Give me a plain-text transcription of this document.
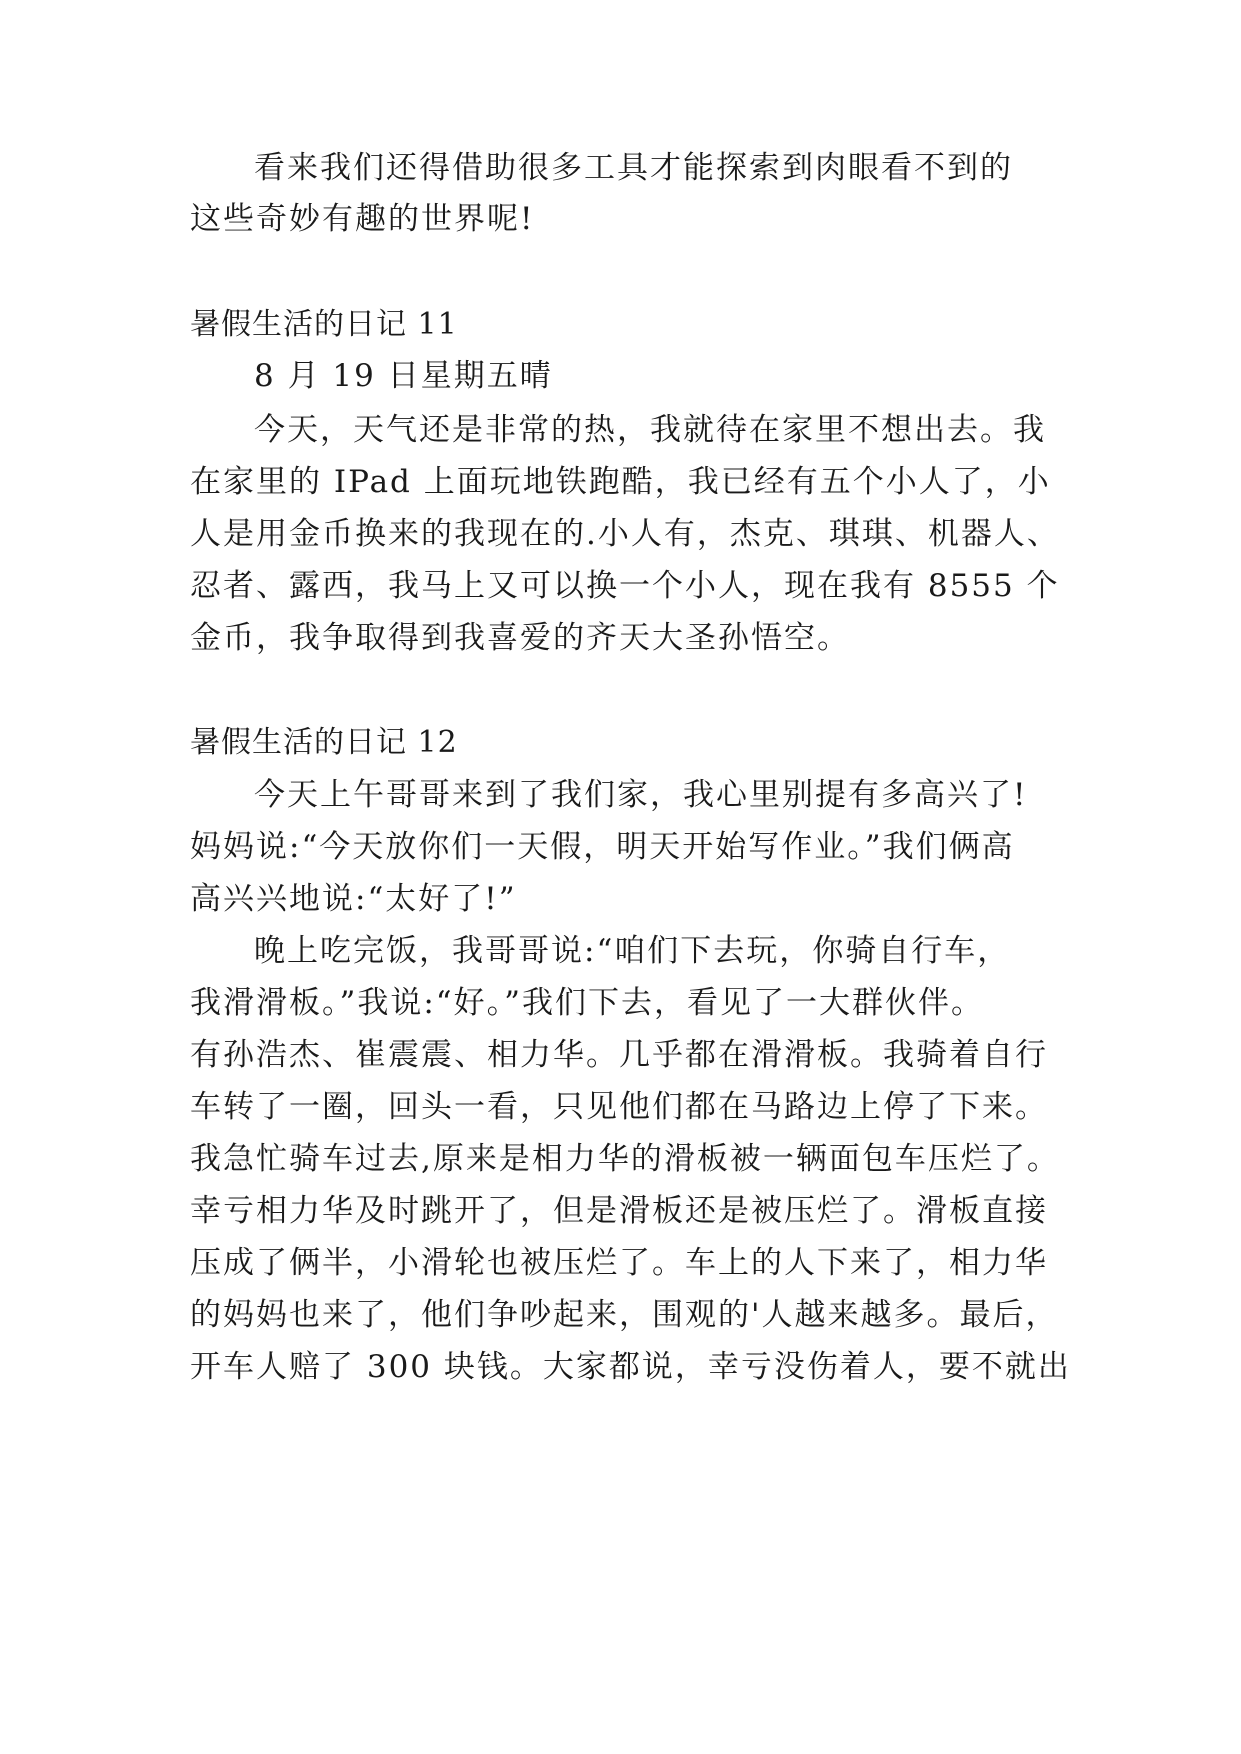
看来我们还得借助很多工具才能探索到肉眼看不到的
这些奇妙有趣的世界呢!
暑假生活的日记 11
8 月 19 日星期五晴
今天，天气还是非常的热，我就待在家里不想出去。我
在家里的 IPad 上面玩地铁跑酷，我已经有五个小人了，小
人是用金币换来的我现在的.小人有，杰克、琪琪、机器人、
忍者、露西，我马上又可以换一个小人，现在我有 8555 个
金币，我争取得到我喜爱的齐天大圣孙悟空。
暑假生活的日记 12
今天上午哥哥来到了我们家，我心里别提有多高兴了!
妈妈说:“今天放你们一天假，明天开始写作业。”我们俩高
高兴兴地说:“太好了!”
晚上吃完饭，我哥哥说:“咱们下去玩，你骑自行车，
我滑滑板。”我说:“好。”我们下去，看见了一大群伙伴。
有孙浩杰、崔震震、相力华。几乎都在滑滑板。我骑着自行
车转了一圈，回头一看，只见他们都在马路边上停了下来。
我急忙骑车过去,原来是相力华的滑板被一辆面包车压烂了。
幸亏相力华及时跳开了，但是滑板还是被压烂了。滑板直接
压成了俩半，小滑轮也被压烂了。车上的人下来了，相力华
的妈妈也来了，他们争吵起来，围观的'人越来越多。最后，
开车人赔了 300 块钱。大家都说，幸亏没伤着人，要不就出
